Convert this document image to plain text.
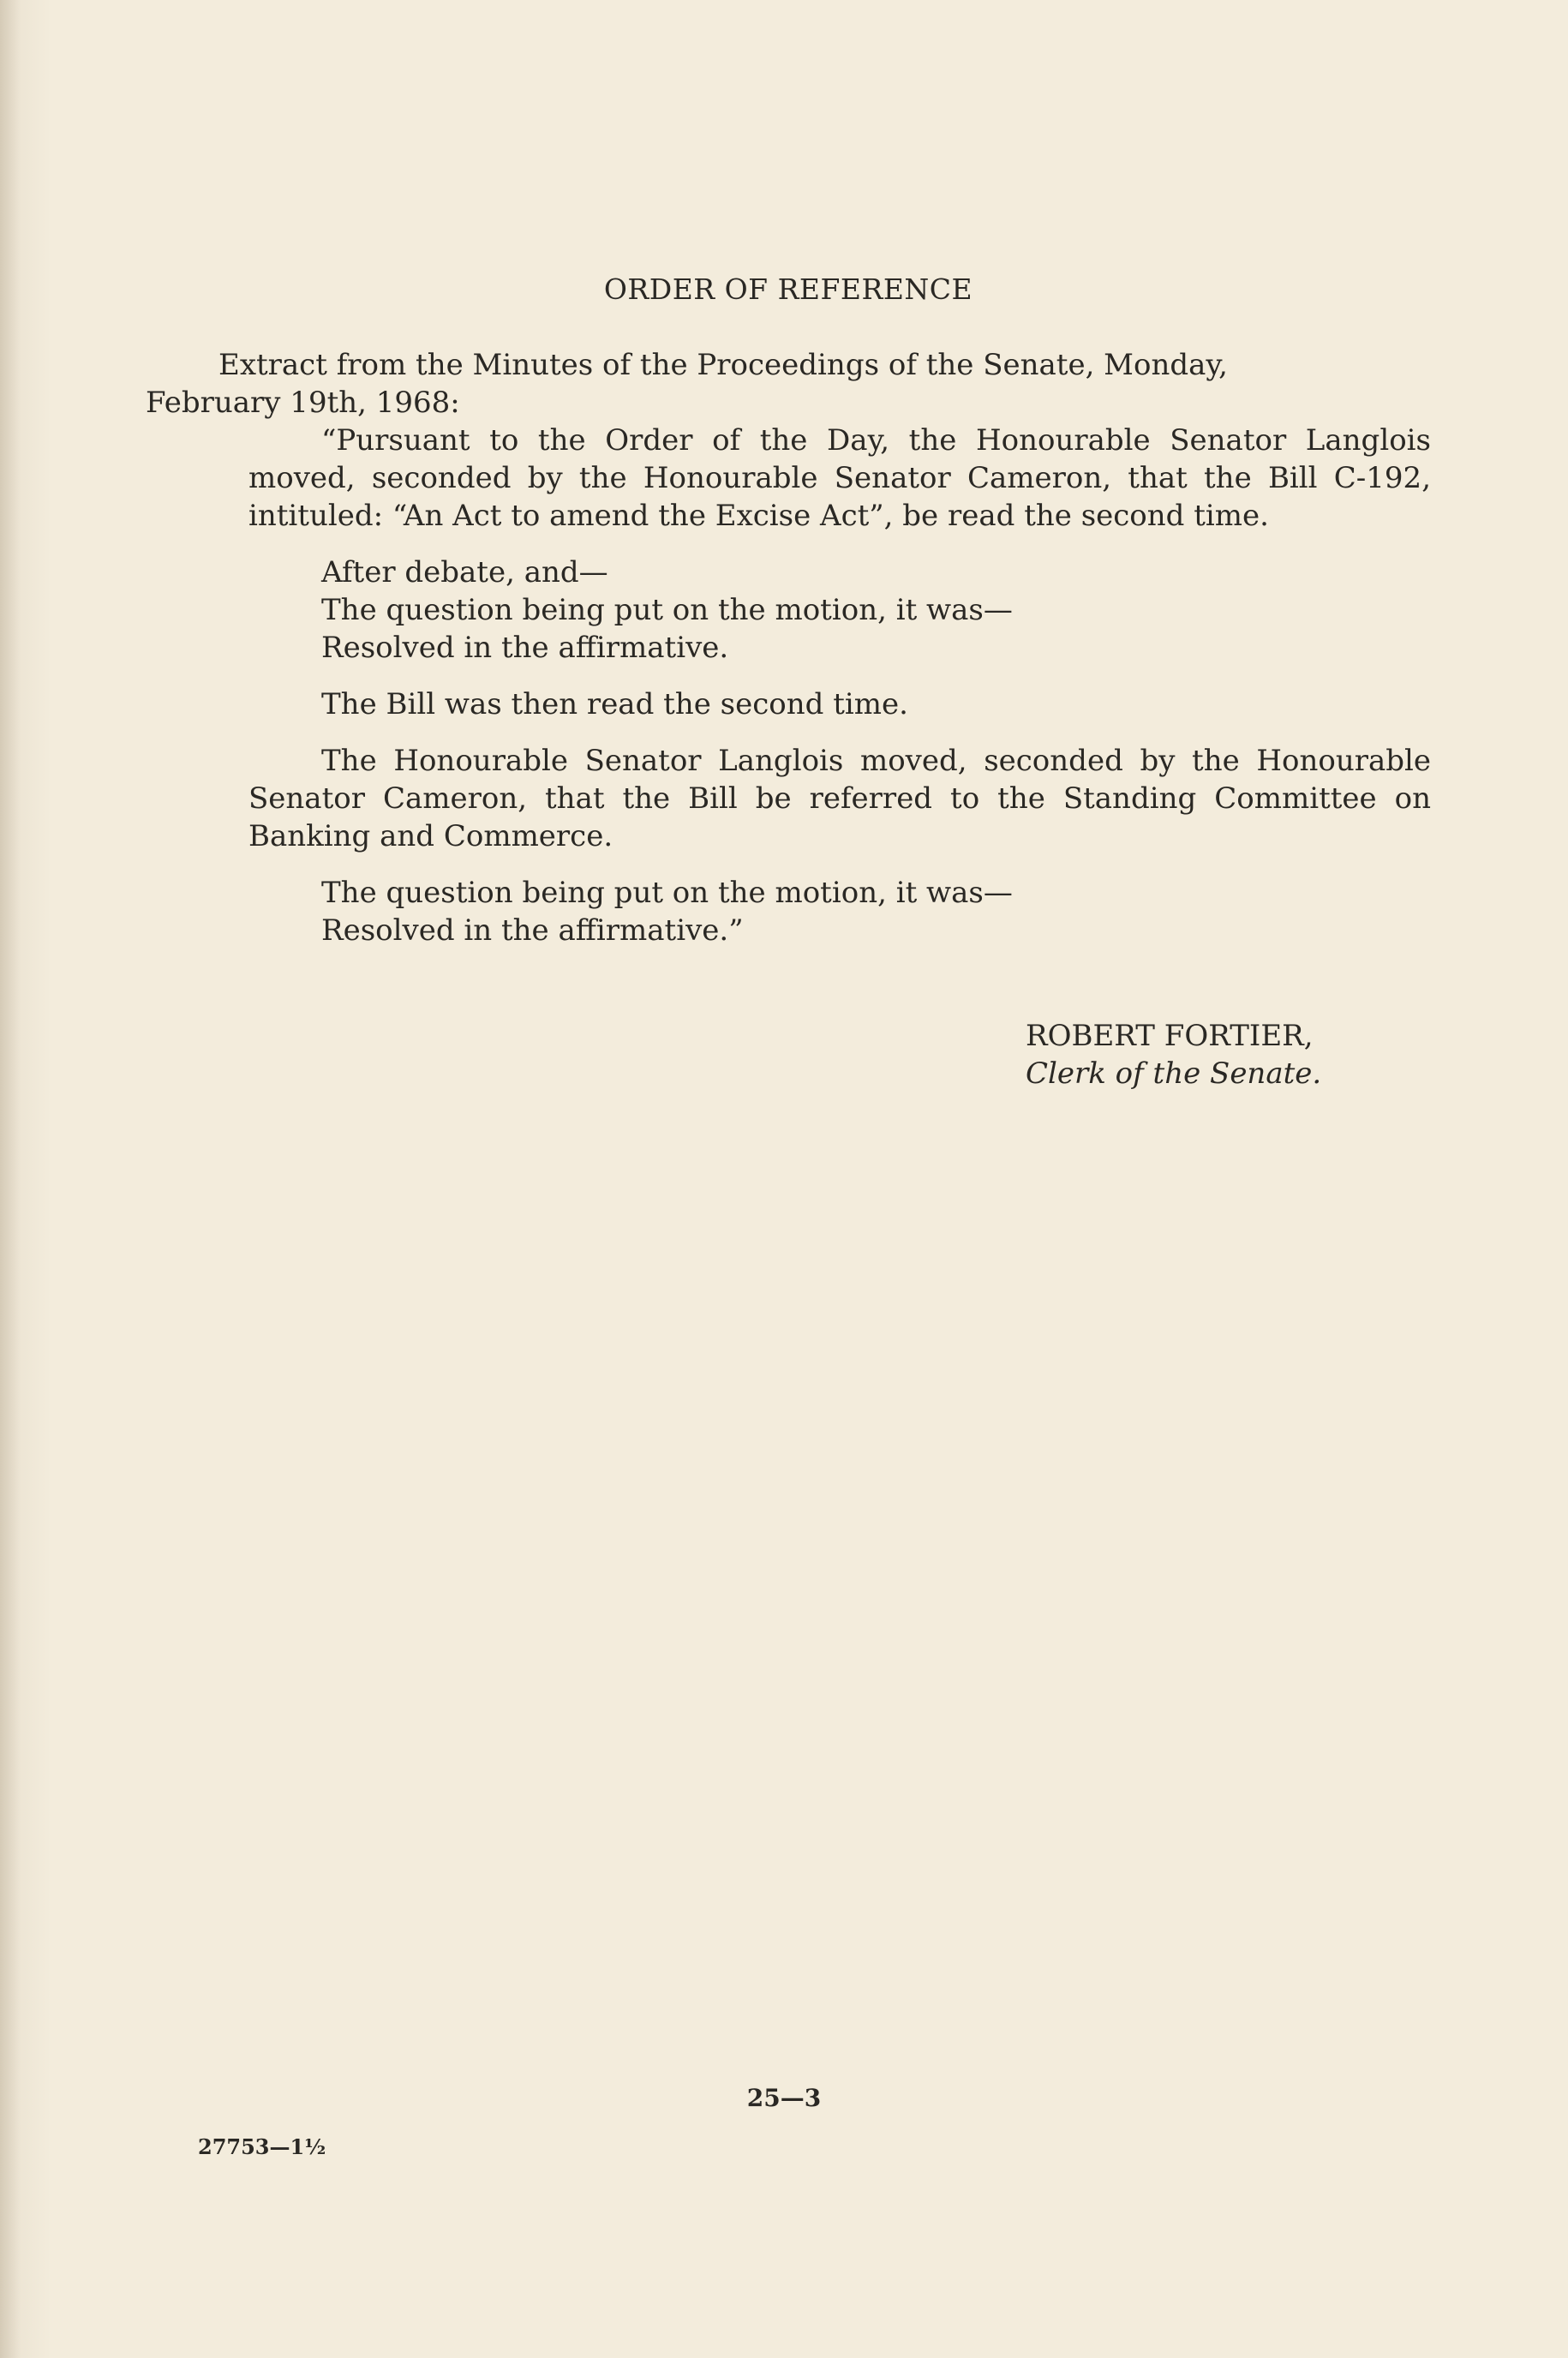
ORDER OF REFERENCE

Extract from the Minutes of the Proceedings of the Senate, Monday,

February 19th, 1968:

“Pursuant to the Order of the Day, the Honourable Senator Langlois moved, seconded by the Honourable Senator Cameron, that the Bill C-192, intituled: “An Act to amend the Excise Act”, be read the second time.

After debate, and—

The question being put on the motion, it was—

Resolved in the affirmative.

The Bill was then read the second time.

The Honourable Senator Langlois moved, seconded by the Honourable Senator Cameron, that the Bill be referred to the Standing Committee on Banking and Commerce.

The question being put on the motion, it was—

Resolved in the affirmative.”

ROBERT FORTIER,
Clerk of the Senate.
25—3
27753—1½
